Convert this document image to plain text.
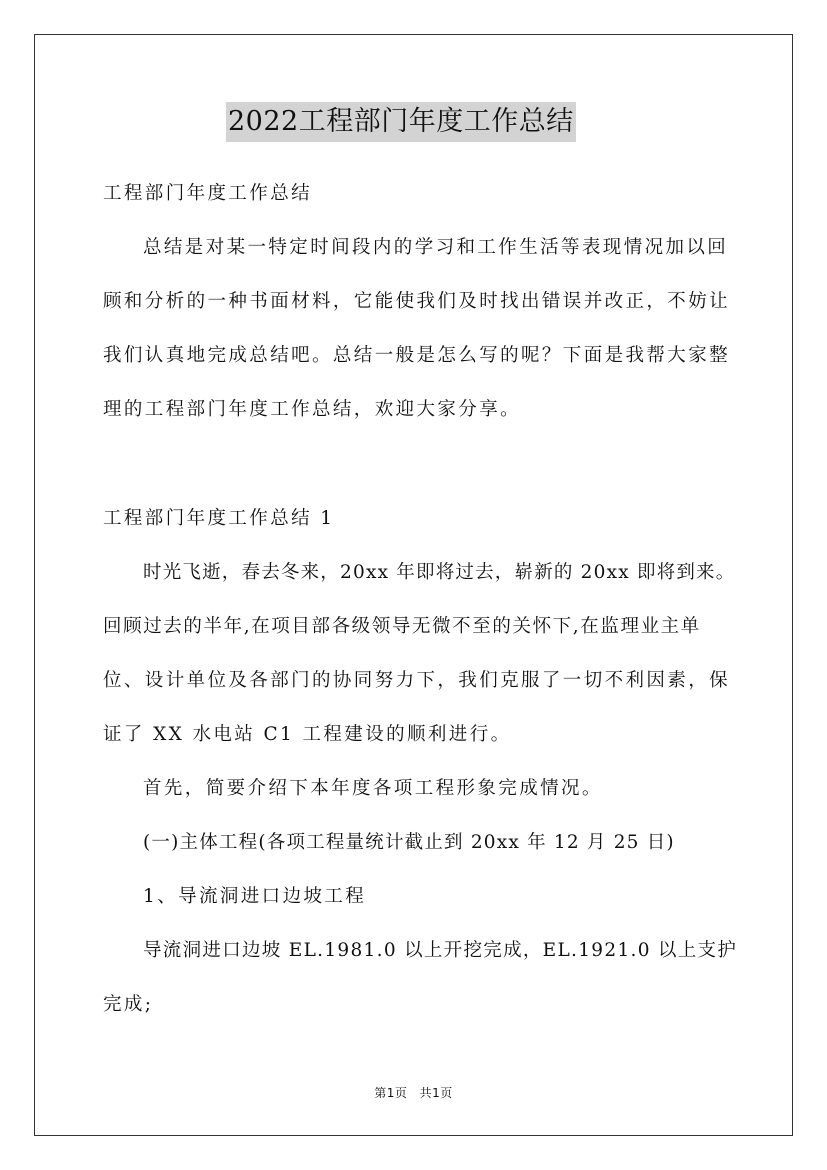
2022工程部门年度工作总结
工程部门年度工作总结
总结是对某一特定时间段内的学习和工作生活等表现情况加以回
顾和分析的一种书面材料，它能使我们及时找出错误并改正，不妨让
我们认真地完成总结吧。总结一般是怎么写的呢？下面是我帮大家整
理的工程部门年度工作总结，欢迎大家分享。
工程部门年度工作总结 1
时光飞逝，春去冬来，20xx 年即将过去，崭新的 20xx 即将到来。
回顾过去的半年,在项目部各级领导无微不至的关怀下,在监理业主单
位、设计单位及各部门的协同努力下，我们克服了一切不利因素，保
证了 XX 水电站 C1 工程建设的顺利进行。
首先，简要介绍下本年度各项工程形象完成情况。
(一)主体工程(各项工程量统计截止到 20xx 年 12 月 25 日)
1、导流洞进口边坡工程
导流洞进口边坡 EL.1981.0 以上开挖完成，EL.1921.0 以上支护
完成;
第1页 共1页
